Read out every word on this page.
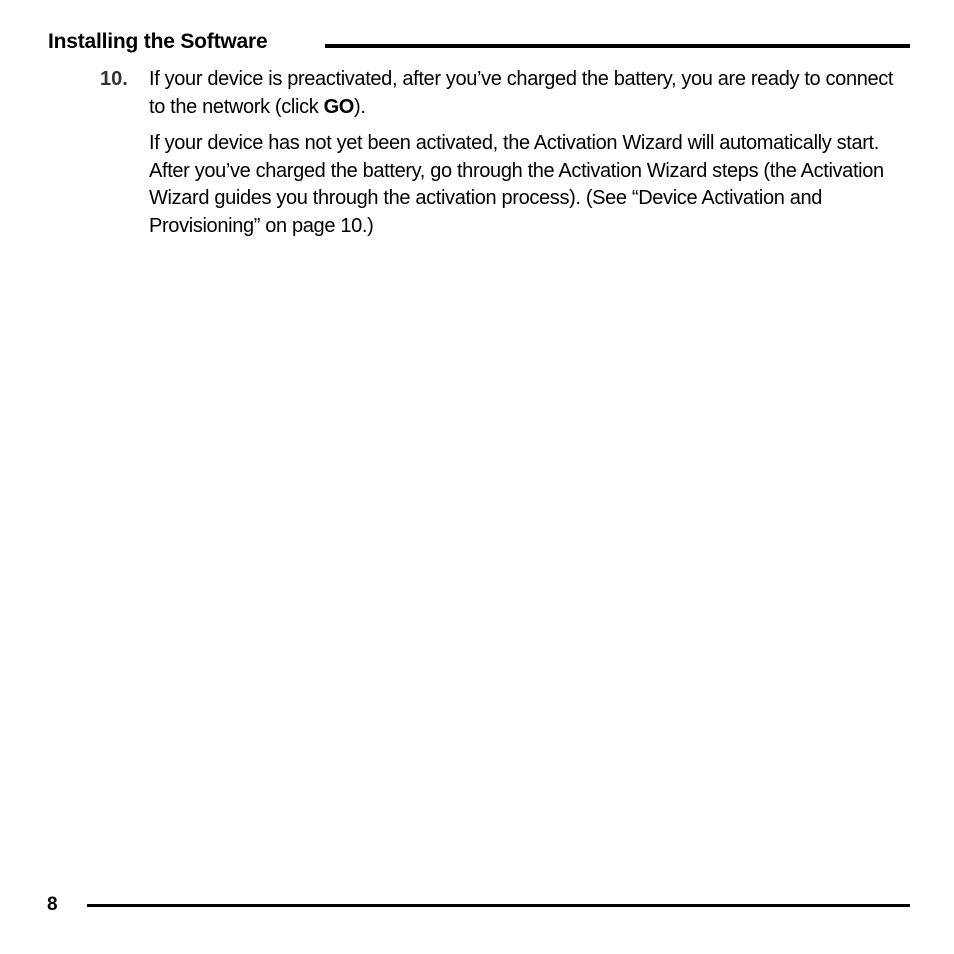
Installing the Software
10. If your device is preactivated, after you’ve charged the battery, you are ready to connect to the network (click GO).

If your device has not yet been activated, the Activation Wizard will automatically start. After you’ve charged the battery, go through the Activation Wizard steps (the Activation Wizard guides you through the activation process). (See “Device Activation and Provisioning” on page 10.)

8
